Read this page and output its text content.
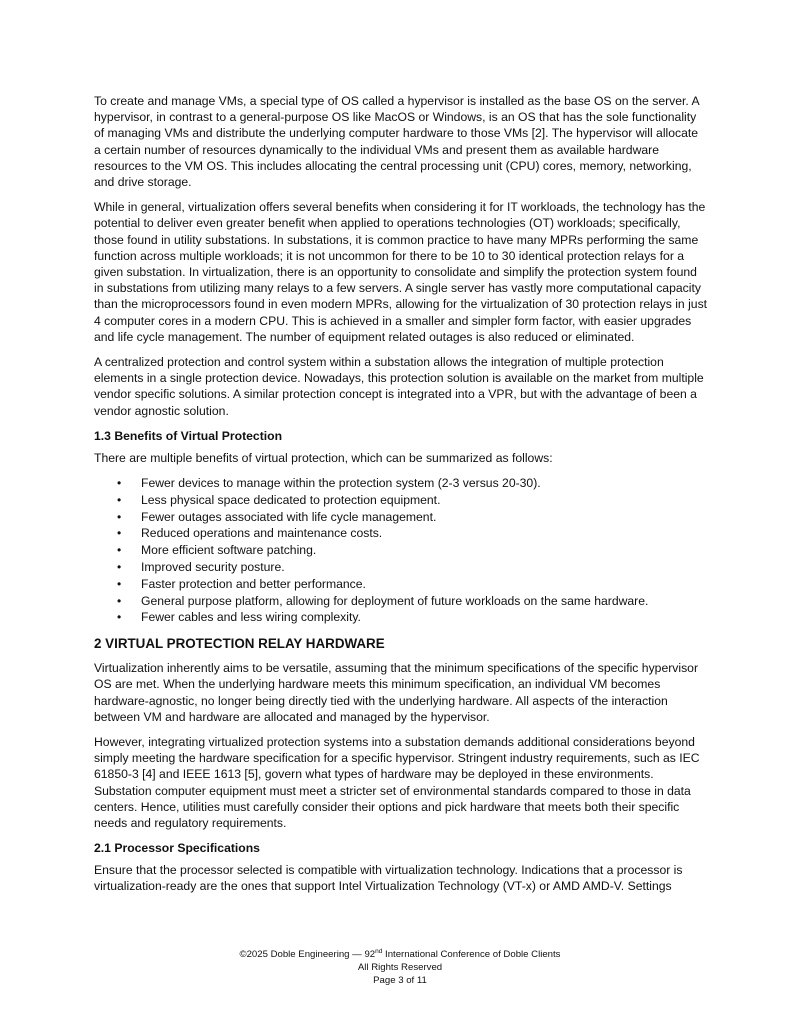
To create and manage VMs, a special type of OS called a hypervisor is installed as the base OS on the server. A hypervisor, in contrast to a general-purpose OS like MacOS or Windows, is an OS that has the sole functionality of managing VMs and distribute the underlying computer hardware to those VMs [2]. The hypervisor will allocate a certain number of resources dynamically to the individual VMs and present them as available hardware resources to the VM OS. This includes allocating the central processing unit (CPU) cores, memory, networking, and drive storage.

While in general, virtualization offers several benefits when considering it for IT workloads, the technology has the potential to deliver even greater benefit when applied to operations technologies (OT) workloads; specifically, those found in utility substations. In substations, it is common practice to have many MPRs performing the same function across multiple workloads; it is not uncommon for there to be 10 to 30 identical protection relays for a given substation. In virtualization, there is an opportunity to consolidate and simplify the protection system found in substations from utilizing many relays to a few servers. A single server has vastly more computational capacity than the microprocessors found in even modern MPRs, allowing for the virtualization of 30 protection relays in just 4 computer cores in a modern CPU. This is achieved in a smaller and simpler form factor, with easier upgrades and life cycle management. The number of equipment related outages is also reduced or eliminated.

A centralized protection and control system within a substation allows the integration of multiple protection elements in a single protection device. Nowadays, this protection solution is available on the market from multiple vendor specific solutions. A similar protection concept is integrated into a VPR, but with the advantage of been a vendor agnostic solution.

1.3 Benefits of Virtual Protection

There are multiple benefits of virtual protection, which can be summarized as follows:

• Fewer devices to manage within the protection system (2-3 versus 20-30).
• Less physical space dedicated to protection equipment.
• Fewer outages associated with life cycle management.
• Reduced operations and maintenance costs.
• More efficient software patching.
• Improved security posture.
• Faster protection and better performance.
• General purpose platform, allowing for deployment of future workloads on the same hardware.
• Fewer cables and less wiring complexity.
2 VIRTUAL PROTECTION RELAY HARDWARE

Virtualization inherently aims to be versatile, assuming that the minimum specifications of the specific hypervisor OS are met. When the underlying hardware meets this minimum specification, an individual VM becomes hardware-agnostic, no longer being directly tied with the underlying hardware. All aspects of the interaction between VM and hardware are allocated and managed by the hypervisor.

However, integrating virtualized protection systems into a substation demands additional considerations beyond simply meeting the hardware specification for a specific hypervisor. Stringent industry requirements, such as IEC 61850-3 [4] and IEEE 1613 [5], govern what types of hardware may be deployed in these environments. Substation computer equipment must meet a stricter set of environmental standards compared to those in data centers. Hence, utilities must carefully consider their options and pick hardware that meets both their specific needs and regulatory requirements.

2.1 Processor Specifications

Ensure that the processor selected is compatible with virtualization technology. Indications that a processor is virtualization-ready are the ones that support Intel Virtualization Technology (VT-x) or AMD AMD-V. Settings

©2025 Doble Engineering — 92nd International Conference of Doble Clients
All Rights Reserved
Page 3 of 11
